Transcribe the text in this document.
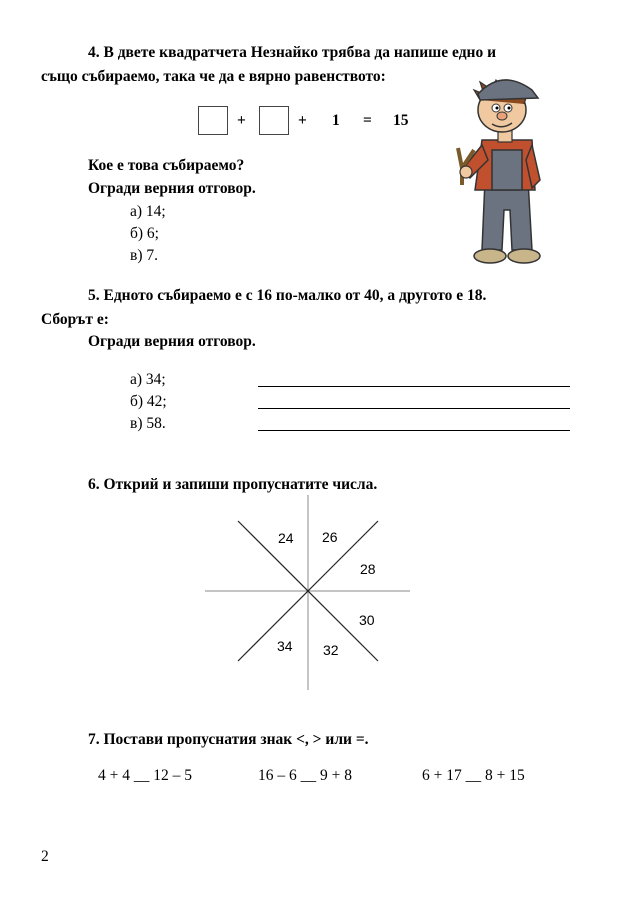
4. В двете квадратчета Незнайко трябва да напише едно и
също събираемо, така че да е вярно равенството:
+	+ 1 = 15
Кое е това събираемо?
Огради верния отговор.
а) 14;
б) 6;
в) 7.
5. Едното събираемо е с 16 по-малко от 40, а другото е 18.
Сборът е:
Огради верния отговор.
а) 34;
б) 42;
в) 58.
6. Открий и запиши пропуснатите числа.
24 26
28
30
32
34
7. Постави пропуснатия знак <, > или =.
4 + 4 __ 12 – 5	16 – 6 __ 9 + 8	6 + 17 __ 8 + 15
2
